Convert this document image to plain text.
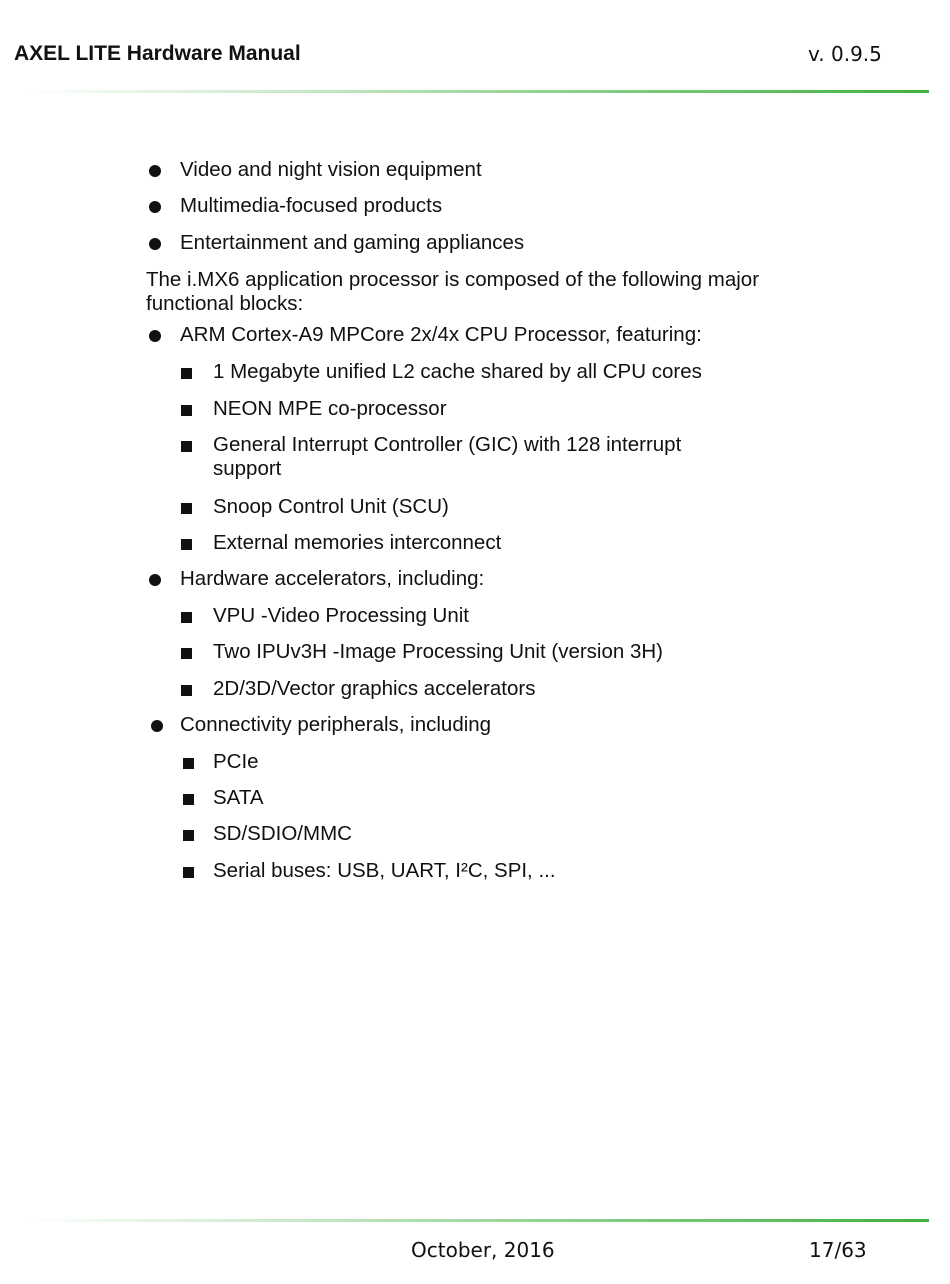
AXEL LITE Hardware Manual	v. 0.9.5
Video and night vision equipment
Multimedia-focused products
Entertainment and gaming appliances
The i.MX6 application processor is composed of the following major functional blocks:
ARM Cortex-A9 MPCore 2x/4x CPU Processor, featuring:
1 Megabyte unified L2 cache shared by all CPU cores
NEON MPE co-processor
General Interrupt Controller (GIC) with 128 interrupt support
Snoop Control Unit (SCU)
External memories interconnect
Hardware accelerators, including:
VPU -Video Processing Unit
Two IPUv3H -Image Processing Unit (version 3H)
2D/3D/Vector graphics accelerators
Connectivity peripherals, including
PCIe
SATA
SD/SDIO/MMC
Serial buses: USB, UART, I²C, SPI, ...
October, 2016	17/63
